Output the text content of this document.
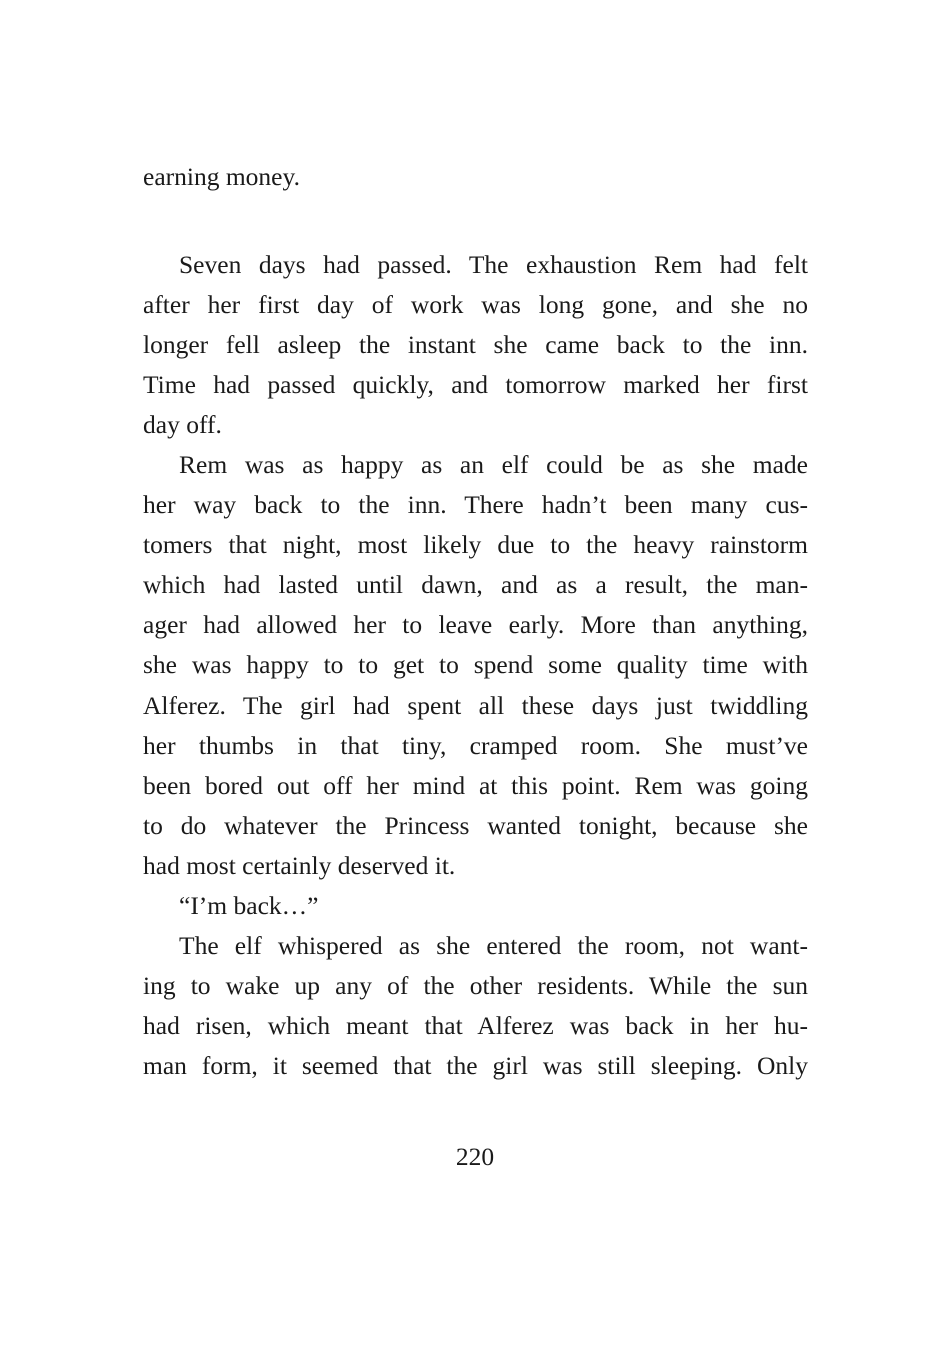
earning money.
Seven days had passed. The exhaustion Rem had felt
after her first day of work was long gone, and she no
longer fell asleep the instant she came back to the inn.
Time had passed quickly, and tomorrow marked her first
day off.
Rem was as happy as an elf could be as she made
her way back to the inn. There hadn’t been many cus-
tomers that night, most likely due to the heavy rainstorm
which had lasted until dawn, and as a result, the man-
ager had allowed her to leave early. More than anything,
she was happy to to get to spend some quality time with
Alferez. The girl had spent all these days just twiddling
her thumbs in that tiny, cramped room. She must’ve
been bored out off her mind at this point. Rem was going
to do whatever the Princess wanted tonight, because she
had most certainly deserved it.
“I’m back…”
The elf whispered as she entered the room, not want-
ing to wake up any of the other residents. While the sun
had risen, which meant that Alferez was back in her hu-
man form, it seemed that the girl was still sleeping. Only
220
